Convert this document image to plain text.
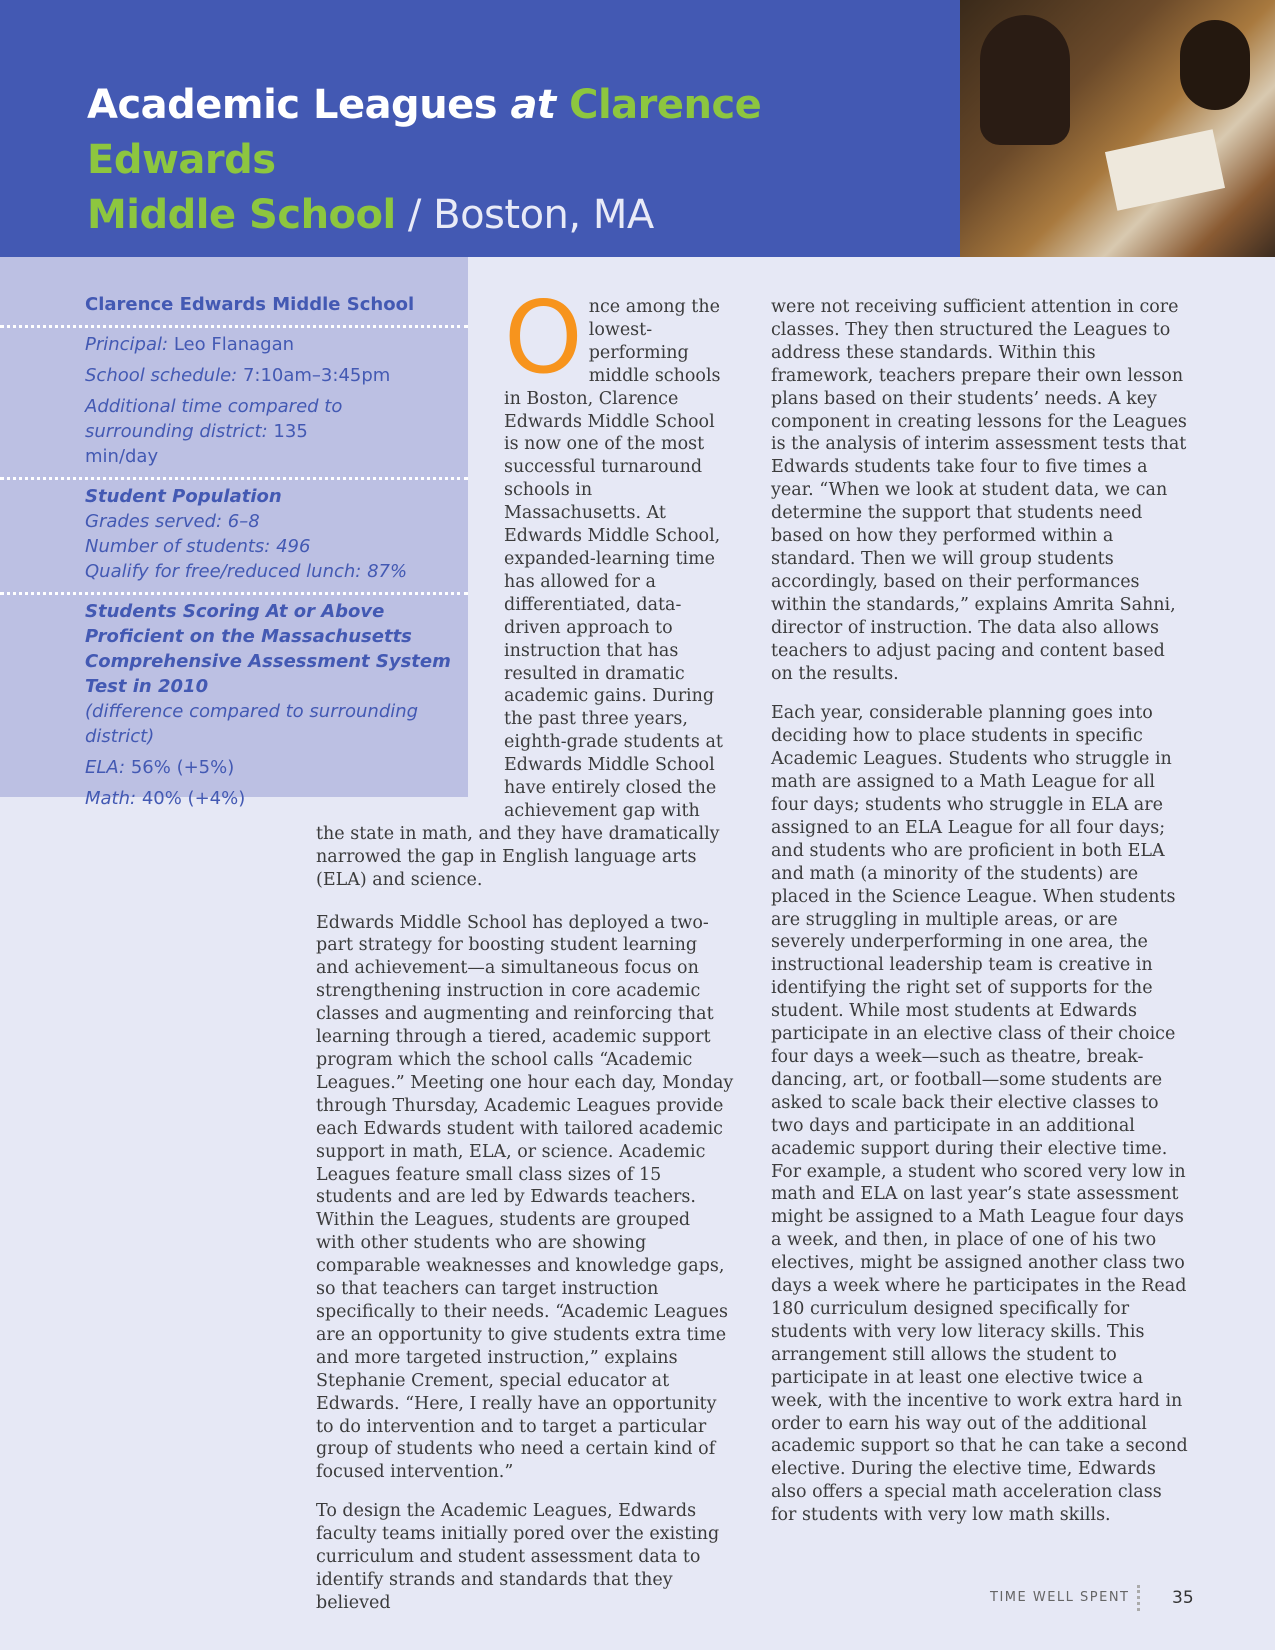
Academic Leagues at Clarence Edwards
Middle School / Boston, MA
Clarence Edwards Middle School
Principal: Leo Flanagan
School schedule: 7:10am–3:45pm
Additional time compared to surrounding district: 135 min/day
Student Population
Grades served: 6–8
Number of students: 496
Qualify for free/reduced lunch: 87%
Students Scoring At or Above Proficient on the Massachusetts Comprehensive Assessment System Test in 2010
(difference compared to surrounding district)
ELA: 56% (+5%)
Math: 40% (+4%)

Once among the lowest-performing middle schools in Boston, Clarence Edwards Middle School is now one of the most successful turnaround schools in Massachusetts. At Edwards Middle School, expanded-learning time has allowed for a differentiated, data-driven approach to instruction that has resulted in dramatic academic gains. During the past three years, eighth-grade students at Edwards Middle School have entirely closed the achievement gap with the state in math, and they have dramatically narrowed the gap in English language arts (ELA) and science.

Edwards Middle School has deployed a two-part strategy for boosting student learning and achievement—a simultaneous focus on strengthening instruction in core academic classes and augmenting and reinforcing that learning through a tiered, academic support program which the school calls “Academic Leagues.” Meeting one hour each day, Monday through Thursday, Academic Leagues provide each Edwards student with tailored academic support in math, ELA, or science. Academic Leagues feature small class sizes of 15 students and are led by Edwards teachers. Within the Leagues, students are grouped with other students who are showing comparable weaknesses and knowledge gaps, so that teachers can target instruction specifically to their needs. “Academic Leagues are an opportunity to give students extra time and more targeted instruction,” explains Stephanie Crement, special educator at Edwards. “Here, I really have an opportunity to do intervention and to target a particular group of students who need a certain kind of focused intervention.”

To design the Academic Leagues, Edwards faculty teams initially pored over the existing curriculum and student assessment data to identify strands and standards that they believed

were not receiving sufficient attention in core classes. They then structured the Leagues to address these standards. Within this framework, teachers prepare their own lesson plans based on their students’ needs. A key component in creating lessons for the Leagues is the analysis of interim assessment tests that Edwards students take four to five times a year. “When we look at student data, we can determine the support that students need based on how they performed within a standard. Then we will group students accordingly, based on their performances within the standards,” explains Amrita Sahni, director of instruction. The data also allows teachers to adjust pacing and content based on the results.

Each year, considerable planning goes into deciding how to place students in specific Academic Leagues. Students who struggle in math are assigned to a Math League for all four days; students who struggle in ELA are assigned to an ELA League for all four days; and students who are proficient in both ELA and math (a minority of the students) are placed in the Science League. When students are struggling in multiple areas, or are severely underperforming in one area, the instructional leadership team is creative in identifying the right set of supports for the student. While most students at Edwards participate in an elective class of their choice four days a week—such as theatre, break-dancing, art, or football—some students are asked to scale back their elective classes to two days and participate in an additional academic support during their elective time. For example, a student who scored very low in math and ELA on last year’s state assessment might be assigned to a Math League four days a week, and then, in place of one of his two electives, might be assigned another class two days a week where he participates in the Read 180 curriculum designed specifically for students with very low literacy skills. This arrangement still allows the student to participate in at least one elective twice a week, with the incentive to work extra hard in order to earn his way out of the additional academic support so that he can take a second elective. During the elective time, Edwards also offers a special math acceleration class for students with very low math skills.

TIME WELL SPENT	35
